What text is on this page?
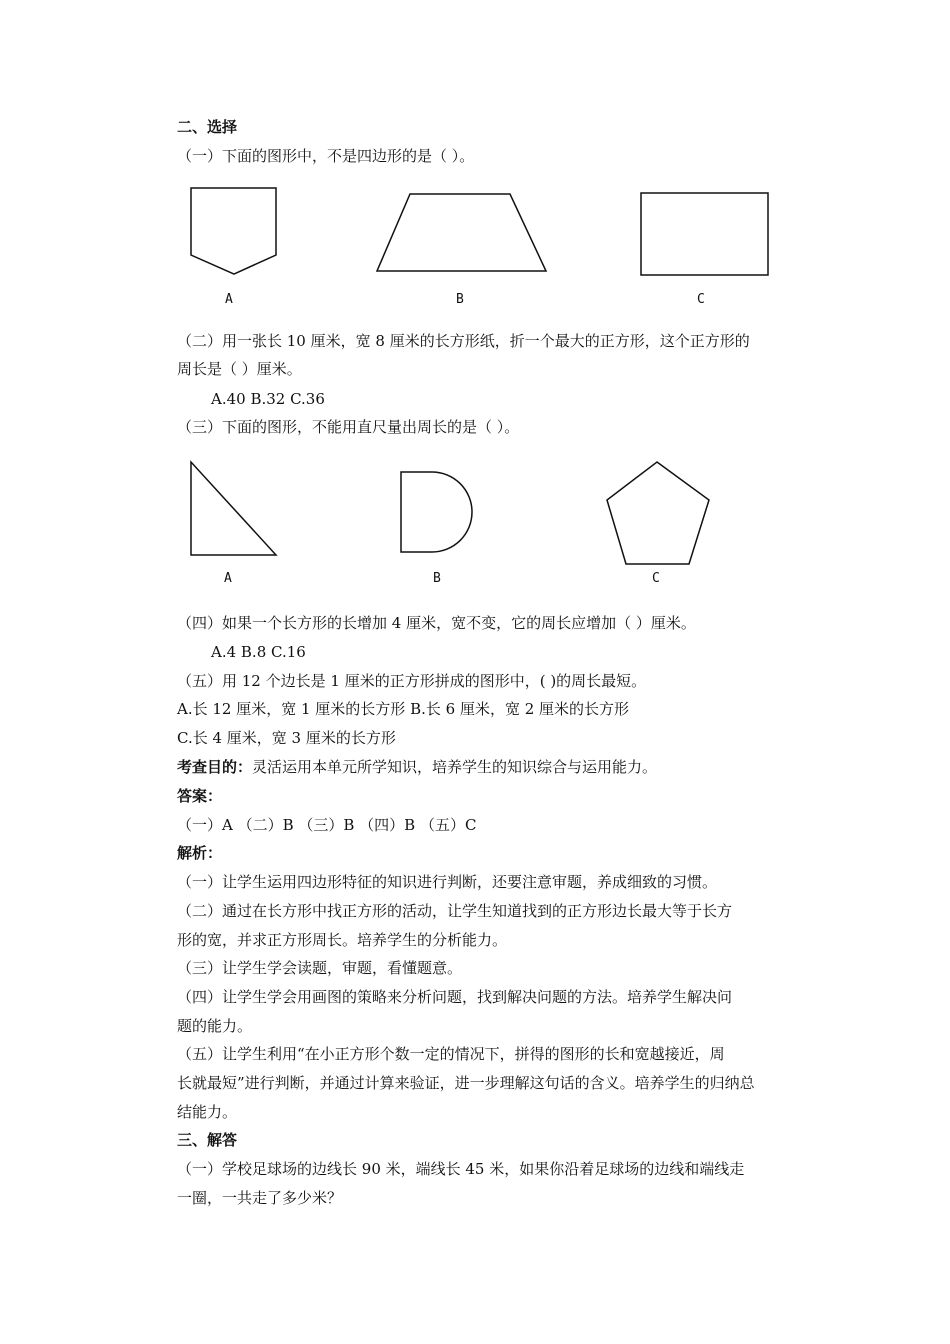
二、选择
（一）下面的图形中，不是四边形的是（ ）。
A	B	C
（二）用一张长 10 厘米，宽 8 厘米的长方形纸，折一个最大的正方形，这个正方形的
周长是（ ）厘米。
A.40 B.32 C.36
（三）下面的图形，不能用直尺量出周长的是（ ）。
A	B	C
（四）如果一个长方形的长增加 4 厘米，宽不变，它的周长应增加（ ）厘米。
A.4 B.8 C.16
（五）用 12 个边长是 1 厘米的正方形拼成的图形中，( )的周长最短。
A.长 12 厘米，宽 1 厘米的长方形 B.长 6 厘米，宽 2 厘米的长方形
C.长 4 厘米，宽 3 厘米的长方形
考查目的：灵活运用本单元所学知识，培养学生的知识综合与运用能力。
答案：
（一）A （二）B （三）B （四）B （五）C
解析：
（一）让学生运用四边形特征的知识进行判断，还要注意审题，养成细致的习惯。
（二）通过在长方形中找正方形的活动，让学生知道找到的正方形边长最大等于长方
形的宽，并求正方形周长。培养学生的分析能力。
（三）让学生学会读题，审题，看懂题意。
（四）让学生学会用画图的策略来分析问题，找到解决问题的方法。培养学生解决问
题的能力。
（五）让学生利用“在小正方形个数一定的情况下，拼得的图形的长和宽越接近，周
长就最短”进行判断，并通过计算来验证，进一步理解这句话的含义。培养学生的归纳总
结能力。
三、解答
（一）学校足球场的边线长 90 米，端线长 45 米，如果你沿着足球场的边线和端线走
一圈，一共走了多少米？
